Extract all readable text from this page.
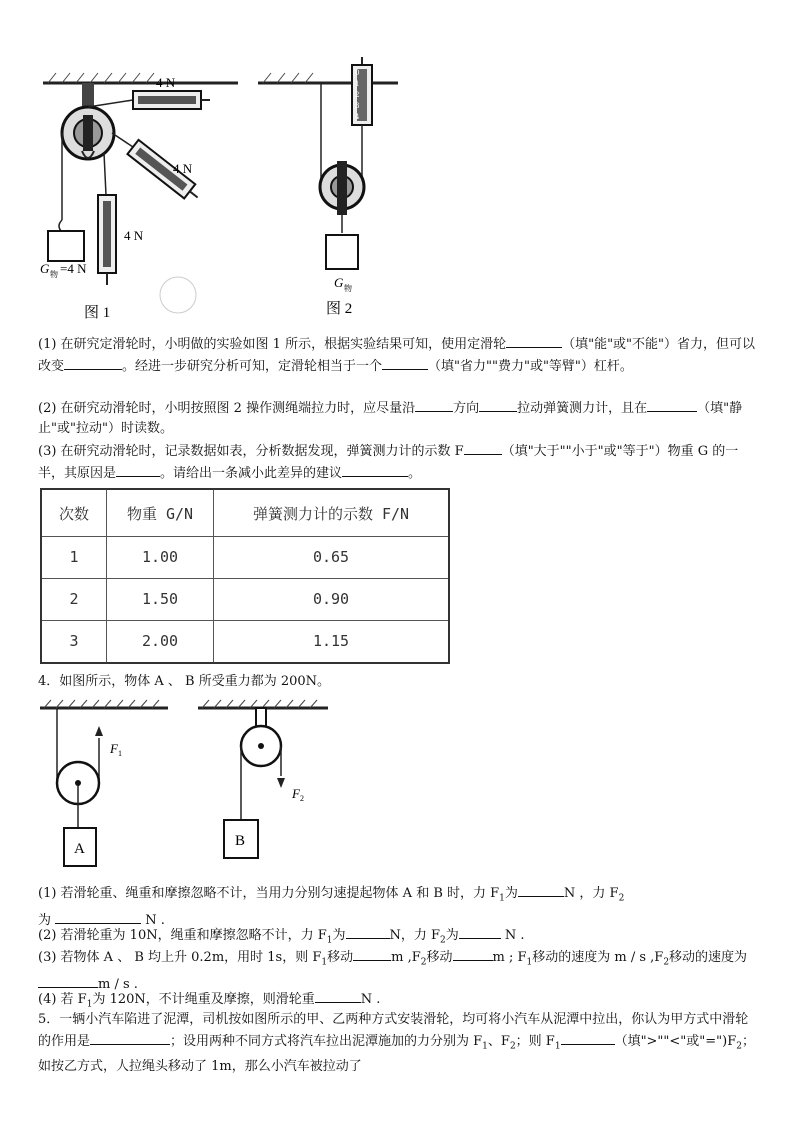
4 N
4 N
4 N
G 物 =4 N
图 1
0
1
2
3
4
G 物
图 2
(1) 在研究定滑轮时，小明做的实验如图 1 所示，根据实验结果可知，使用定滑轮	（填"能"或"不能"）省力，但可以改变	。经进一步研究分析可知，定滑轮相当于一个	（填"省力""费力"或"等臂"）杠杆。
(2) 在研究动滑轮时，小明按照图 2 操作测绳端拉力时，应尽量沿	方向	拉动弹簧测力计，且在	（填"静止"或"拉动"）时读数。
(3) 在研究动滑轮时，记录数据如表，分析数据发现，弹簧测力计的示数 F	（填"大于""小于"或"等于"）物重 G 的一半，其原因是	。请给出一条减小此差异的建议	。
次数	物重 G/N	弹簧测力计的示数 F/N
1	1.00	0.65
2	1.50	0.90
3	2.00	1.15
4．如图所示，物体 A 、 B 所受重力都为 200N。
A
F 1
B
F 2
(1) 若滑轮重、绳重和摩擦忽略不计，当用力分别匀速提起物体 A 和 B 时，力 $F_1$为	N ，力 $F_2$
为	N .
(2) 若滑轮重为 10N，绳重和摩擦忽略不计，力 $F_1$为	N，力 $F_2$为	N .
(3) 若物体 A 、 B 均上升 0.2m，用时 1s，则 $F_1$移动	m $,F_2$移动	m ; $F_1$移动的速度为 m / s $,F_2$移动的速度为m / s .
(4) 若 $F_1$为 120N，不计绳重及摩擦，则滑轮重	N .
5．一辆小汽车陷进了泥潭，司机按如图所示的甲、乙两种方式安装滑轮，均可将小汽车从泥潭中拉出，你认为甲方式中滑轮的作用是	；设用两种不同方式将汽车拉出泥潭施加的力分别为 $F_1$、$F_2$；则 $F_1$	（填">""<"或"$=")F_2$；如按乙方式，人拉绳头移动了 1m，那么小汽车被拉动了
